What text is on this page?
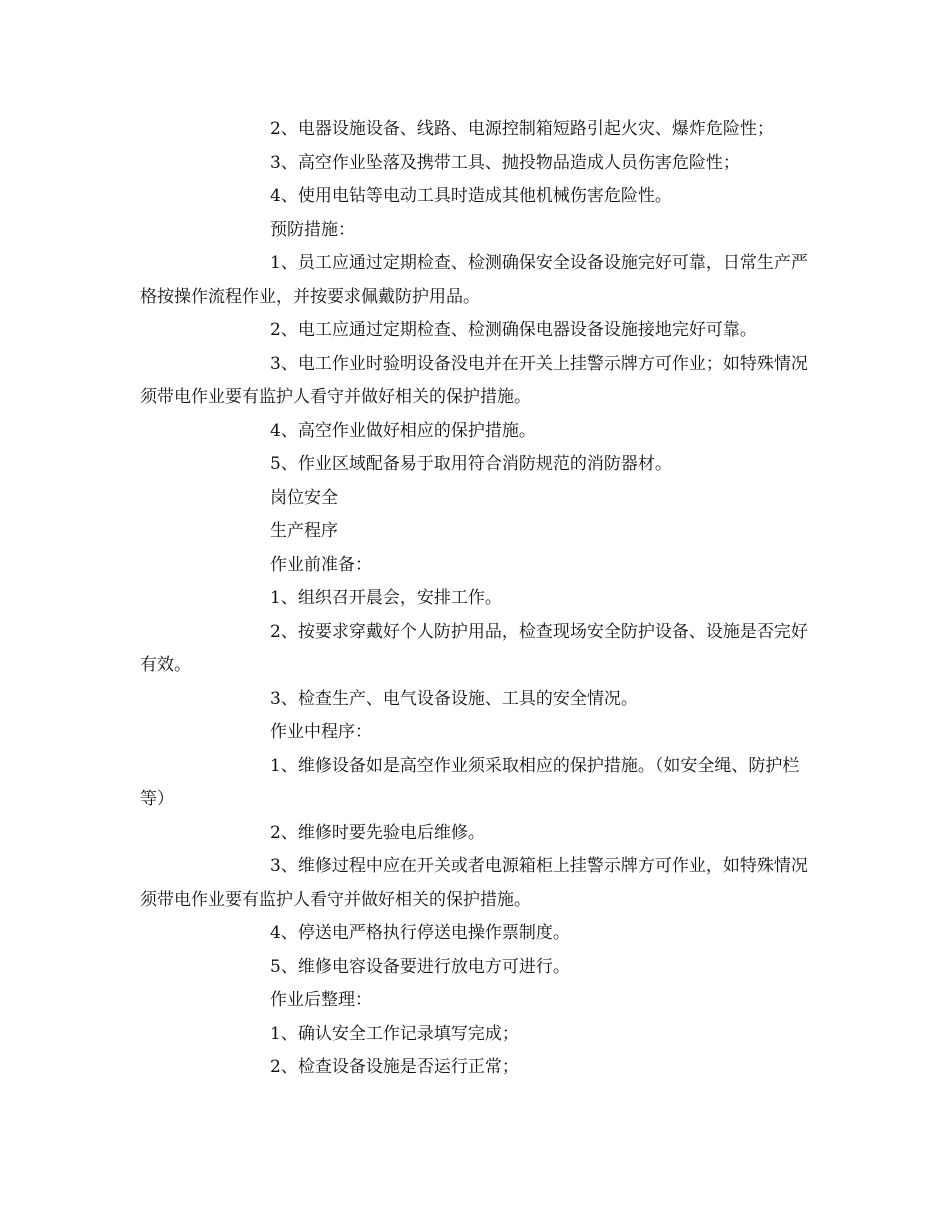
2、电器设施设备、线路、电源控制箱短路引起火灾、爆炸危险性；

3、高空作业坠落及携带工具、抛投物品造成人员伤害危险性；

4、使用电钻等电动工具时造成其他机械伤害危险性。

预防措施：

1、员工应通过定期检查、检测确保安全设备设施完好可靠，日常生产严格按操作流程作业，并按要求佩戴防护用品。

2、电工应通过定期检查、检测确保电器设备设施接地完好可靠。

3、电工作业时验明设备没电并在开关上挂警示牌方可作业；如特殊情况须带电作业要有监护人看守并做好相关的保护措施。

4、高空作业做好相应的保护措施。

5、作业区域配备易于取用符合消防规范的消防器材。

岗位安全

生产程序

作业前准备：

1、组织召开晨会，安排工作。

2、按要求穿戴好个人防护用品，检查现场安全防护设备、设施是否完好有效。

3、检查生产、电气设备设施、工具的安全情况。

作业中程序：

1、维修设备如是高空作业须采取相应的保护措施。（如安全绳、防护栏等）

2、维修时要先验电后维修。

3、维修过程中应在开关或者电源箱柜上挂警示牌方可作业，如特殊情况须带电作业要有监护人看守并做好相关的保护措施。

4、停送电严格执行停送电操作票制度。

5、维修电容设备要进行放电方可进行。

作业后整理：

1、确认安全工作记录填写完成；

2、检查设备设施是否运行正常；
